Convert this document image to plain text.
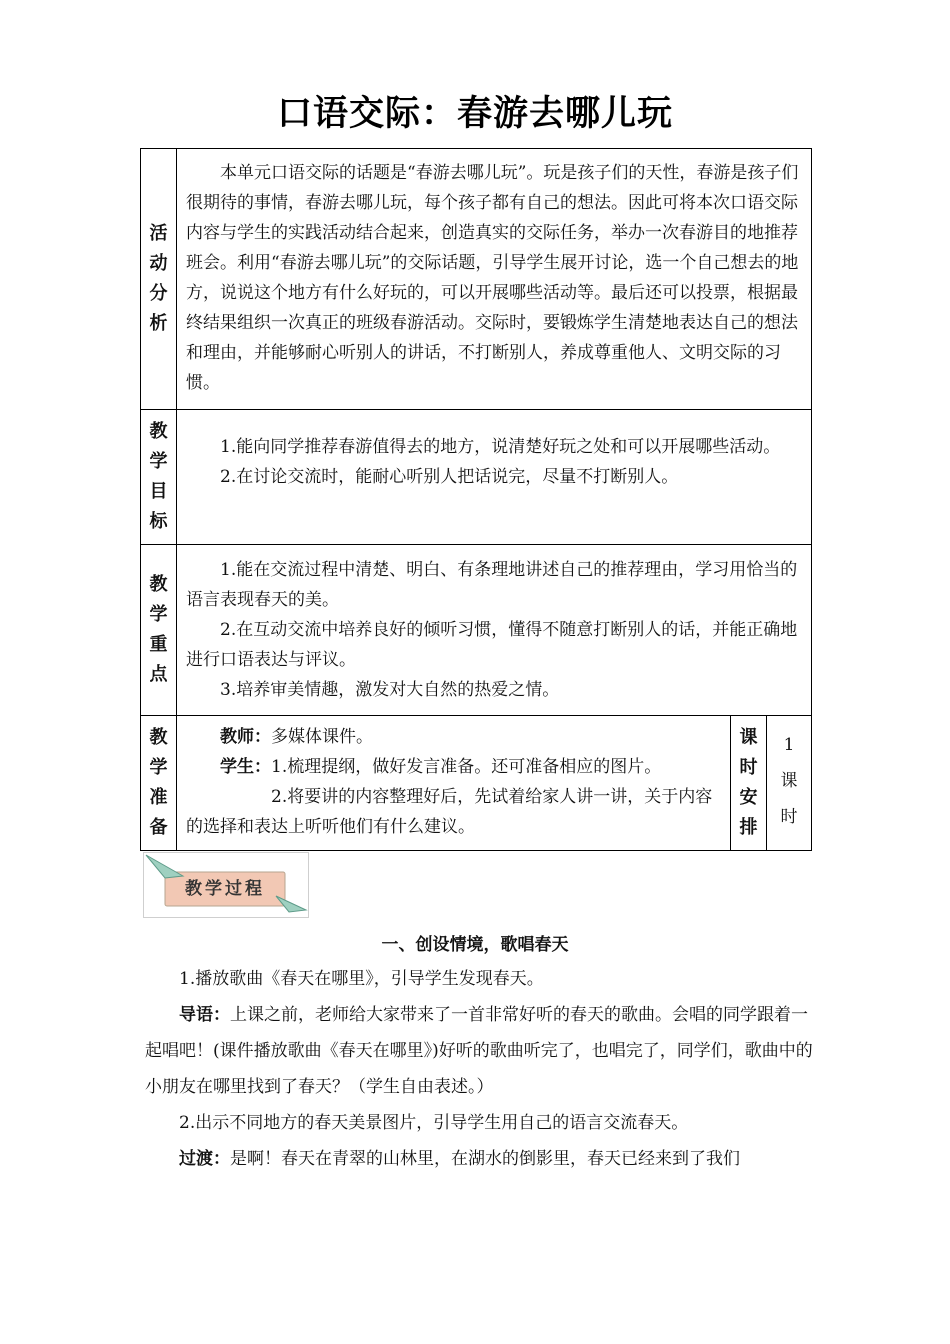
口语交际：春游去哪儿玩
活
动
分
析

本单元口语交际的话题是“春游去哪儿玩”。玩是孩子们的天性，春游是孩子们很期待的事情，春游去哪儿玩，每个孩子都有自己的想法。因此可将本次口语交际内容与学生的实践活动结合起来，创造真实的交际任务，举办一次春游目的地推荐班会。利用“春游去哪儿玩”的交际话题，引导学生展开讨论，选一个自己想去的地方，说说这个地方有什么好玩的，可以开展哪些活动等。最后还可以投票，根据最终结果组织一次真正的班级春游活动。交际时，要锻炼学生清楚地表达自己的想法和理由，并能够耐心听别人的讲话，不打断别人，养成尊重他人、文明交际的习惯。

教
学
目
标

1.能向同学推荐春游值得去的地方，说清楚好玩之处和可以开展哪些活动。

2.在讨论交流时，能耐心听别人把话说完，尽量不打断别人。

教
学
重
点

1.能在交流过程中清楚、明白、有条理地讲述自己的推荐理由，学习用恰当的语言表现春天的美。

2.在互动交流中培养良好的倾听习惯，懂得不随意打断别人的话，并能正确地进行口语表达与评议。

3.培养审美情趣，激发对大自然的热爱之情。

教
学
准
备

教师：多媒体课件。

学生：1.梳理提纲，做好发言准备。还可准备相应的图片。

2.将要讲的内容整理好后，先试着给家人讲一讲，关于内容的选择和表达上听听他们有什么建议。

课
时
安
排
1
课
时
教学过程
一、创设情境，歌唱春天

1.播放歌曲《春天在哪里》，引导学生发现春天。

导语：上课之前，老师给大家带来了一首非常好听的春天的歌曲。会唱的同学跟着一起唱吧！(课件播放歌曲《春天在哪里》)好听的歌曲听完了，也唱完了，同学们，歌曲中的小朋友在哪里找到了春天？（学生自由表述。）

2.出示不同地方的春天美景图片，引导学生用自己的语言交流春天。

过渡：是啊！春天在青翠的山林里，在湖水的倒影里，春天已经来到了我们
